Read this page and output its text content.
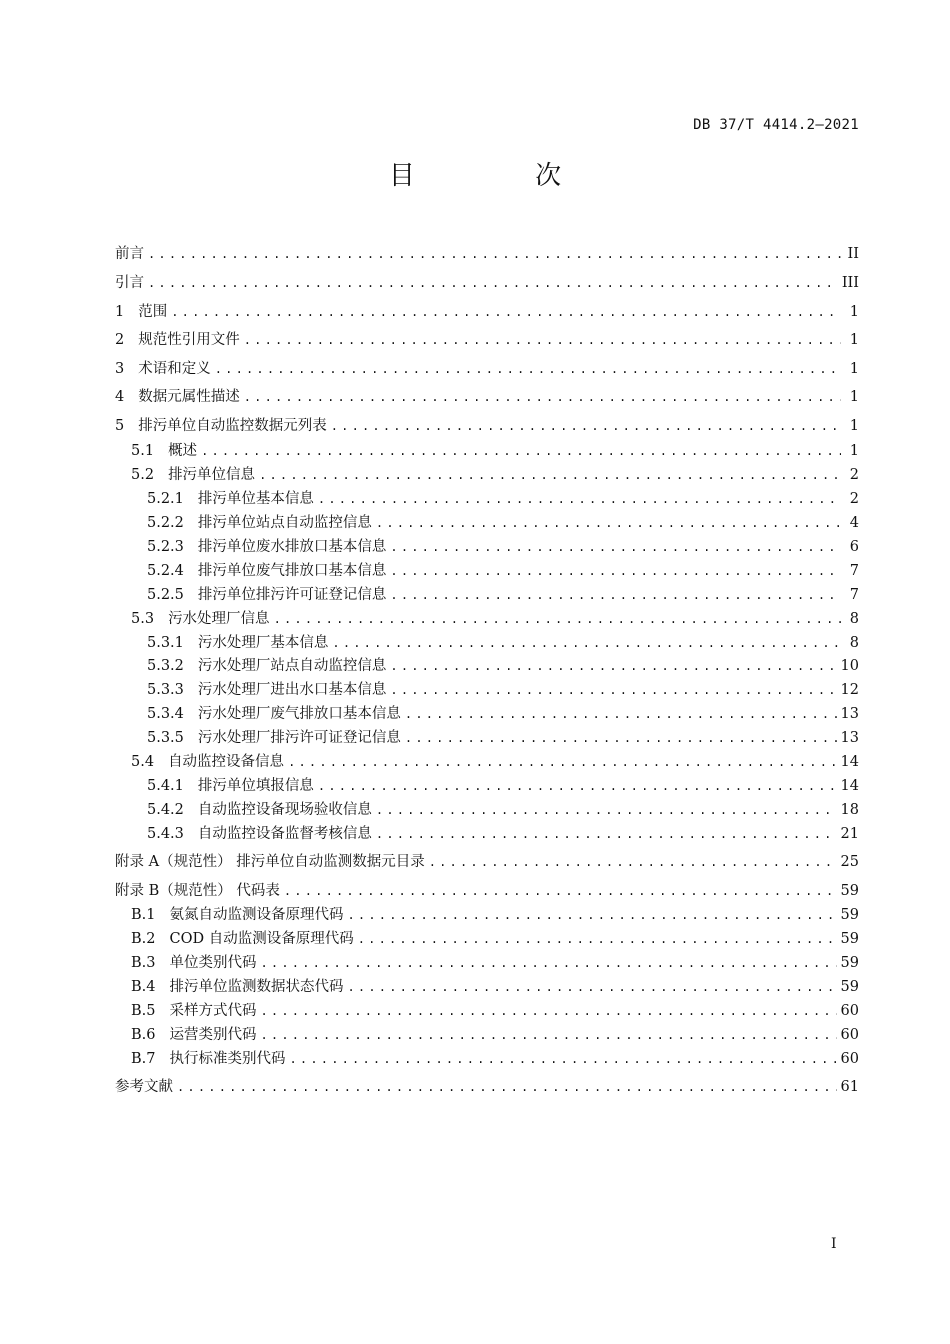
DB 37/T 4414.2—2021
目 次
前言 .....	II
引言 .....	III
1 范围 .....	1
2 规范性引用文件 .....	1
3 术语和定义 .....	1
4 数据元属性描述 .....	1
5 排污单位自动监控数据元列表 .....	1
5.1 概述 .....	1
5.2 排污单位信息 .....	2
5.2.1 排污单位基本信息 .....	2
5.2.2 排污单位站点自动监控信息 .....	4
5.2.3 排污单位废水排放口基本信息 .....	6
5.2.4 排污单位废气排放口基本信息 .....	7
5.2.5 排污单位排污许可证登记信息 .....	7
5.3 污水处理厂信息 .....	8
5.3.1 污水处理厂基本信息 .....	8
5.3.2 污水处理厂站点自动监控信息 .....	10
5.3.3 污水处理厂进出水口基本信息 .....	12
5.3.4 污水处理厂废气排放口基本信息 .....	13
5.3.5 污水处理厂排污许可证登记信息 .....	13
5.4 自动监控设备信息 .....	14
5.4.1 排污单位填报信息 .....	14
5.4.2 自动监控设备现场验收信息 .....	18
5.4.3 自动监控设备监督考核信息 .....	21
附录 A（规范性） 排污单位自动监测数据元目录 .....	25
附录 B（规范性） 代码表 .....	59
B.1 氨氮自动监测设备原理代码 .....	59
B.2 COD 自动监测设备原理代码 .....	59
B.3 单位类别代码 .....	59
B.4 排污单位监测数据状态代码 .....	59
B.5 采样方式代码 .....	60
B.6 运营类别代码 .....	60
B.7 执行标准类别代码 .....	60
参考文献 .....	61
I
